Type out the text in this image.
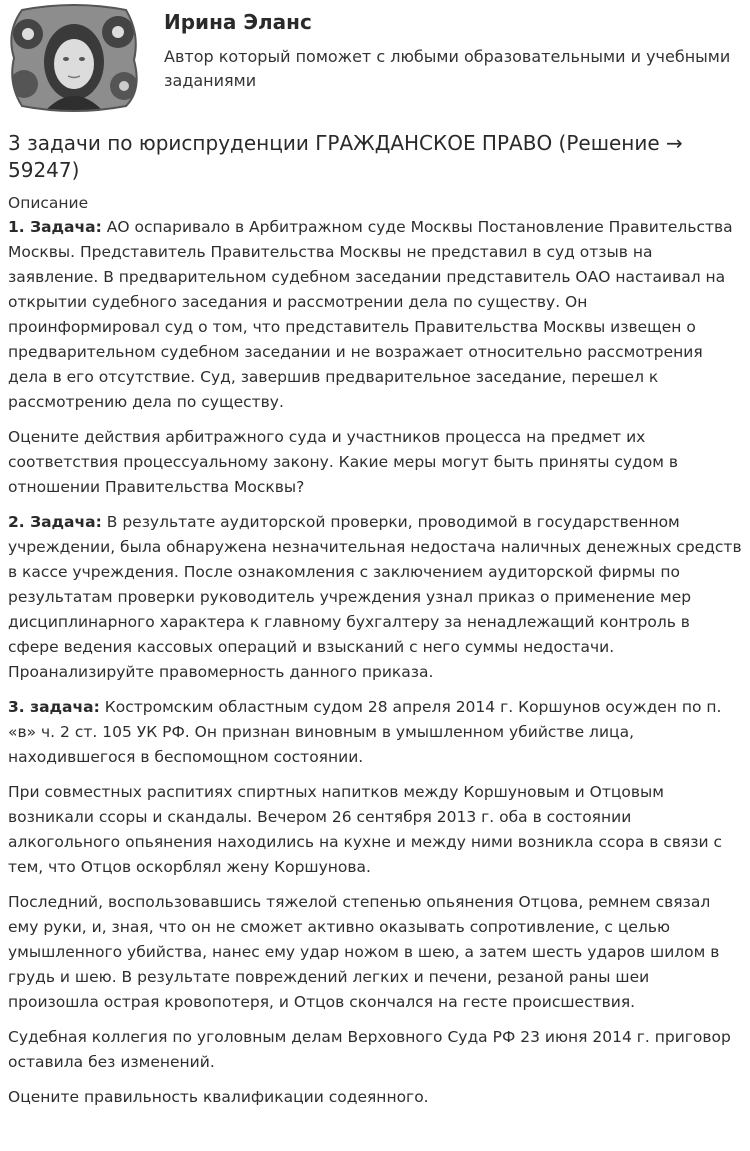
Ирина Эланс
Автор который поможет с любыми образовательными и учебными заданиями
3 задачи по юриспруденции ГРАЖДАНСКОЕ ПРАВО (Решение → 59247)
Описание

1. Задача: АО оспаривало в Арбитражном суде Москвы Постановление Правительства Москвы. Представитель Правительства Москвы не представил в суд отзыв на заявление. В предварительном судебном заседании представитель ОАО настаивал на открытии судебного заседания и рассмотрении дела по существу. Он проинформировал суд о том, что представитель Правительства Москвы извещен о предварительном судебном заседании и не возражает относительно рассмотрения дела в его отсутствие. Суд, завершив предварительное заседание, перешел к рассмотрению дела по существу.

Оцените действия арбитражного суда и участников процесса на предмет их соответствия процессуальному закону. Какие меры могут быть приняты судом в отношении Правительства Москвы?

2. Задача: В результате аудиторской проверки, проводимой в государственном учреждении, была обнаружена незначительная недостача наличных денежных средств в кассе учреждения. После ознакомления с заключением аудиторской фирмы по результатам проверки руководитель учреждения узнал приказ о применение мер дисциплинарного характера к главному бухгалтеру за ненадлежащий контроль в сфере ведения кассовых операций и взысканий с него суммы недостачи. Проанализируйте правомерность данного приказа.

3. задача: Костромским областным судом 28 апреля 2014 г. Коршунов осужден по п. «в» ч. 2 ст. 105 УК РФ. Он признан виновным в умышленном убийстве лица, находившегося в беспомощном состоянии.

При совместных распитиях спиртных напитков между Коршуновым и Отцовым возникали ссоры и скандалы. Вечером 26 сентября 2013 г. оба в состоянии алкогольного опьянения находились на кухне и между ними возникла ссора в связи с тем, что Отцов оскорблял жену Коршунова.

Последний, воспользовавшись тяжелой степенью опьянения Отцова, ремнем связал ему руки, и, зная, что он не сможет активно оказывать сопротивление, с целью умышленного убийства, нанес ему удар ножом в шею, а затем шесть ударов шилом в грудь и шею. В результате повреждений легких и печени, резаной раны шеи произошла острая кровопотеря, и Отцов скончался на гесте происшествия.

Судебная коллегия по уголовным делам Верховного Суда РФ 23 июня 2014 г. приговор оставила без изменений.

Оцените правильность квалификации содеянного.
